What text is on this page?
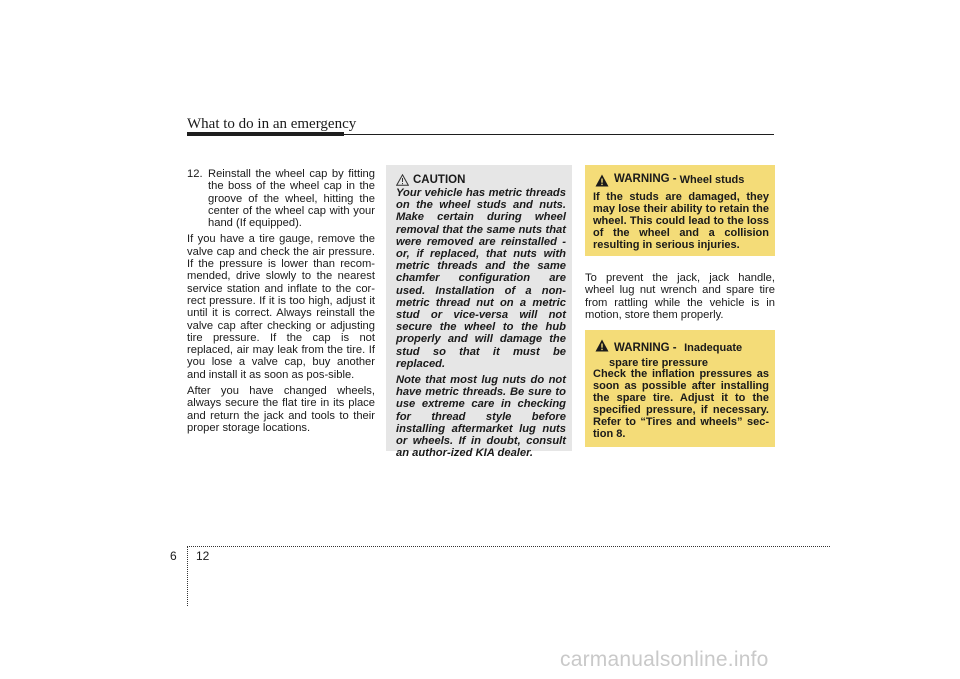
What to do in an emergency
12. Reinstall the wheel cap by fitting the boss of the wheel cap in the groove of the wheel, hitting the center of the wheel cap with your hand (If equipped).

If you have a tire gauge, remove the valve cap and check the air pressure. If the pressure is lower than recom-mended, drive slowly to the nearest service station and inflate to the cor-rect pressure. If it is too high, adjust it until it is correct. Always reinstall the valve cap after checking or adjusting tire pressure. If the cap is not replaced, air may leak from the tire. If you lose a valve cap, buy another and install it as soon as pos-sible.

After you have changed wheels, always secure the flat tire in its place and return the jack and tools to their proper storage locations.

CAUTION

Your vehicle has metric threads on the wheel studs and nuts. Make certain during wheel removal that the same nuts that were removed are reinstalled - or, if replaced, that nuts with metric threads and the same chamfer configuration are used. Installation of a non-metric thread nut on a metric stud or vice-versa will not secure the wheel to the hub properly and will damage the stud so that it must be replaced.

Note that most lug nuts do not have metric threads. Be sure to use extreme care in checking for thread style before installing aftermarket lug nuts or wheels. If in doubt, consult an author-ized KIA dealer.

WARNING - Wheel studs
If the studs are damaged, they may lose their ability to retain the wheel. This could lead to the loss of the wheel and a collision resulting in serious injuries.
To prevent the jack, jack handle, wheel lug nut wrench and spare tire from rattling while the vehicle is in motion, store them properly.
WARNING - Inadequate
spare tire pressure
Check the inflation pressures as soon as possible after installing the spare tire. Adjust it to the specified pressure, if necessary. Refer to “Tires and wheels” sec-tion 8.
6 12
carmanualsonline.info
